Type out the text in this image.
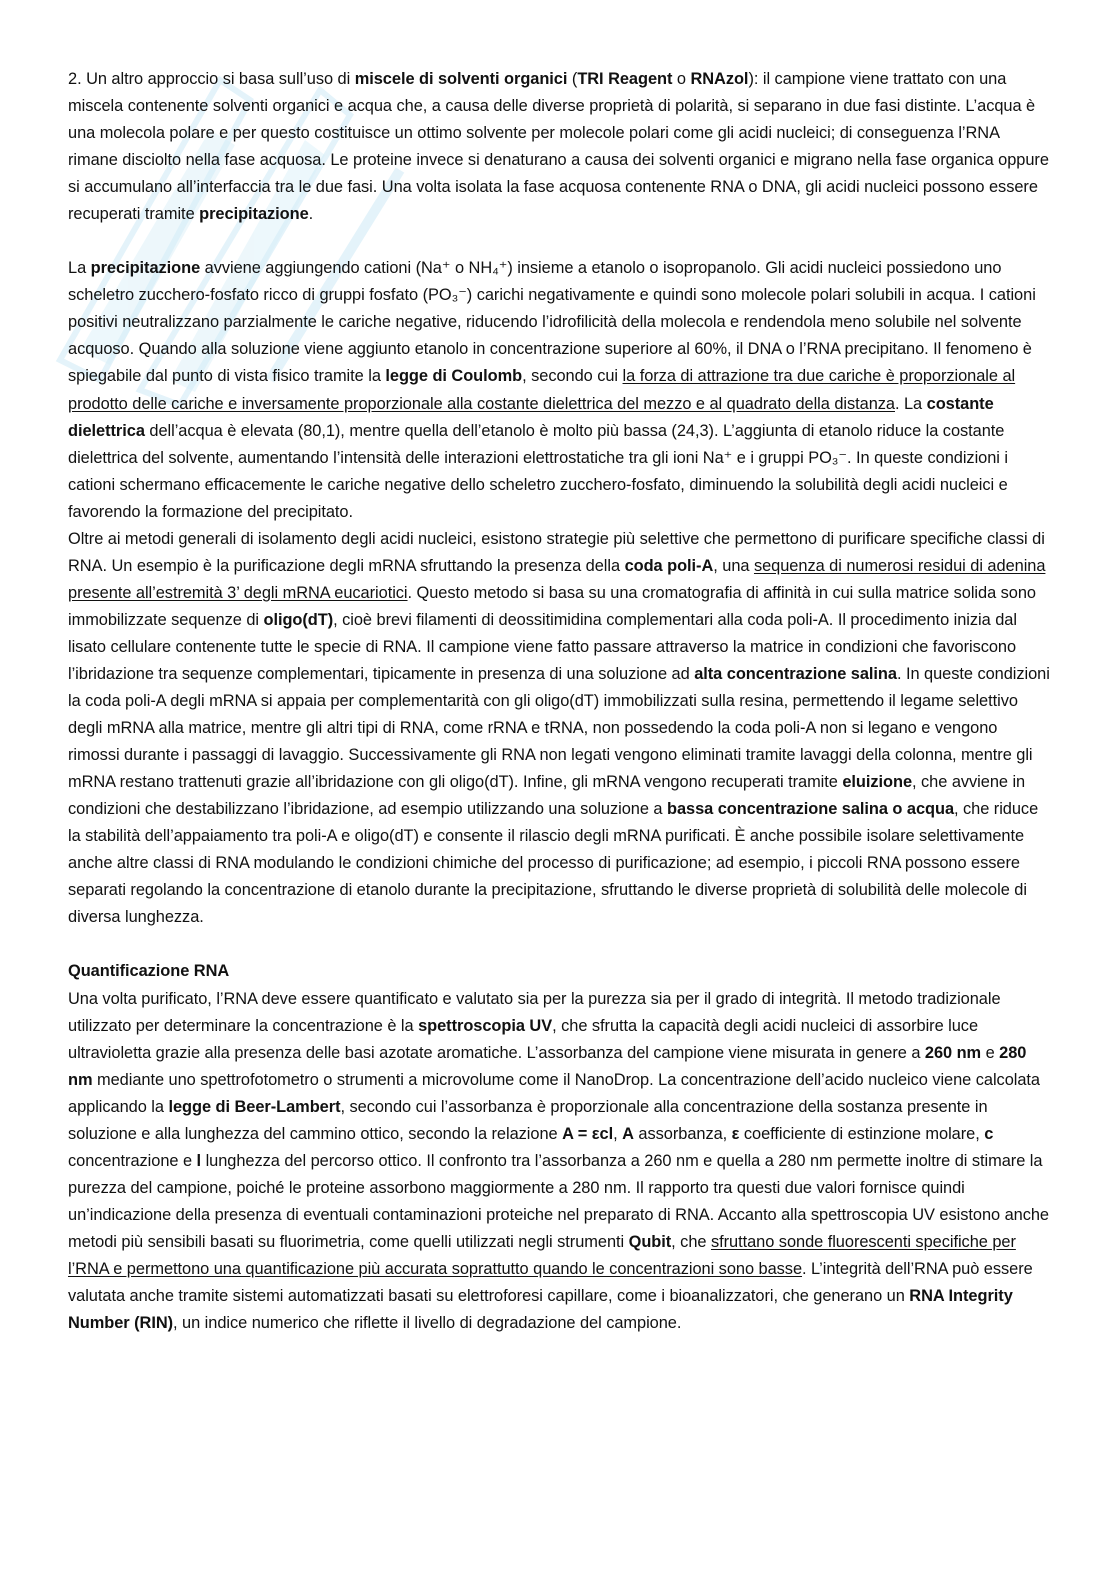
2. Un altro approccio si basa sull’uso di miscele di solventi organici (TRI Reagent o RNAzol): il campione viene trattato con una miscela contenente solventi organici e acqua che, a causa delle diverse proprietà di polarità, si separano in due fasi distinte. L’acqua è una molecola polare e per questo costituisce un ottimo solvente per molecole polari come gli acidi nucleici; di conseguenza l’RNA rimane disciolto nella fase acquosa. Le proteine invece si denaturano a causa dei solventi organici e migrano nella fase organica oppure si accumulano all’interfaccia tra le due fasi. Una volta isolata la fase acquosa contenente RNA o DNA, gli acidi nucleici possono essere recuperati tramite precipitazione.

La precipitazione avviene aggiungendo cationi (Na⁺ o NH₄⁺) insieme a etanolo o isopropanolo. Gli acidi nucleici possiedono uno scheletro zucchero-fosfato ricco di gruppi fosfato (PO₃⁻) carichi negativamente e quindi sono molecole polari solubili in acqua. I cationi positivi neutralizzano parzialmente le cariche negative, riducendo l’idrofilicità della molecola e rendendola meno solubile nel solvente acquoso. Quando alla soluzione viene aggiunto etanolo in concentrazione superiore al 60%, il DNA o l’RNA precipitano. Il fenomeno è spiegabile dal punto di vista fisico tramite la legge di Coulomb, secondo cui la forza di attrazione tra due cariche è proporzionale al prodotto delle cariche e inversamente proporzionale alla costante dielettrica del mezzo e al quadrato della distanza. La costante dielettrica dell’acqua è elevata (80,1), mentre quella dell’etanolo è molto più bassa (24,3). L’aggiunta di etanolo riduce la costante dielettrica del solvente, aumentando l’intensità delle interazioni elettrostatiche tra gli ioni Na⁺ e i gruppi PO₃⁻. In queste condizioni i cationi schermano efficacemente le cariche negative dello scheletro zucchero-fosfato, diminuendo la solubilità degli acidi nucleici e favorendo la formazione del precipitato.

Oltre ai metodi generali di isolamento degli acidi nucleici, esistono strategie più selettive che permettono di purificare specifiche classi di RNA. Un esempio è la purificazione degli mRNA sfruttando la presenza della coda poli-A, una sequenza di numerosi residui di adenina presente all’estremità 3’ degli mRNA eucariotici. Questo metodo si basa su una cromatografia di affinità in cui sulla matrice solida sono immobilizzate sequenze di oligo(dT), cioè brevi filamenti di deossitimidina complementari alla coda poli-A. Il procedimento inizia dal lisato cellulare contenente tutte le specie di RNA. Il campione viene fatto passare attraverso la matrice in condizioni che favoriscono l’ibridazione tra sequenze complementari, tipicamente in presenza di una soluzione ad alta concentrazione salina. In queste condizioni la coda poli-A degli mRNA si appaia per complementarità con gli oligo(dT) immobilizzati sulla resina, permettendo il legame selettivo degli mRNA alla matrice, mentre gli altri tipi di RNA, come rRNA e tRNA, non possedendo la coda poli-A non si legano e vengono rimossi durante i passaggi di lavaggio. Successivamente gli RNA non legati vengono eliminati tramite lavaggi della colonna, mentre gli mRNA restano trattenuti grazie all’ibridazione con gli oligo(dT). Infine, gli mRNA vengono recuperati tramite eluizione, che avviene in condizioni che destabilizzano l’ibridazione, ad esempio utilizzando una soluzione a bassa concentrazione salina o acqua, che riduce la stabilità dell’appaiamento tra poli-A e oligo(dT) e consente il rilascio degli mRNA purificati. È anche possibile isolare selettivamente anche altre classi di RNA modulando le condizioni chimiche del processo di purificazione; ad esempio, i piccoli RNA possono essere separati regolando la concentrazione di etanolo durante la precipitazione, sfruttando le diverse proprietà di solubilità delle molecole di diversa lunghezza.

Quantificazione RNA

Una volta purificato, l’RNA deve essere quantificato e valutato sia per la purezza sia per il grado di integrità. Il metodo tradizionale utilizzato per determinare la concentrazione è la spettroscopia UV, che sfrutta la capacità degli acidi nucleici di assorbire luce ultravioletta grazie alla presenza delle basi azotate aromatiche. L’assorbanza del campione viene misurata in genere a 260 nm e 280 nm mediante uno spettrofotometro o strumenti a microvolume come il NanoDrop. La concentrazione dell’acido nucleico viene calcolata applicando la legge di Beer-Lambert, secondo cui l’assorbanza è proporzionale alla concentrazione della sostanza presente in soluzione e alla lunghezza del cammino ottico, secondo la relazione A = εcl, A assorbanza, ε coefficiente di estinzione molare, c concentrazione e l lunghezza del percorso ottico. Il confronto tra l’assorbanza a 260 nm e quella a 280 nm permette inoltre di stimare la purezza del campione, poiché le proteine assorbono maggiormente a 280 nm. Il rapporto tra questi due valori fornisce quindi un’indicazione della presenza di eventuali contaminazioni proteiche nel preparato di RNA. Accanto alla spettroscopia UV esistono anche metodi più sensibili basati su fluorimetria, come quelli utilizzati negli strumenti Qubit, che sfruttano sonde fluorescenti specifiche per l’RNA e permettono una quantificazione più accurata soprattutto quando le concentrazioni sono basse. L’integrità dell’RNA può essere valutata anche tramite sistemi automatizzati basati su elettroforesi capillare, come i bioanalizzatori, che generano un RNA Integrity Number (RIN), un indice numerico che riflette il livello di degradazione del campione.
